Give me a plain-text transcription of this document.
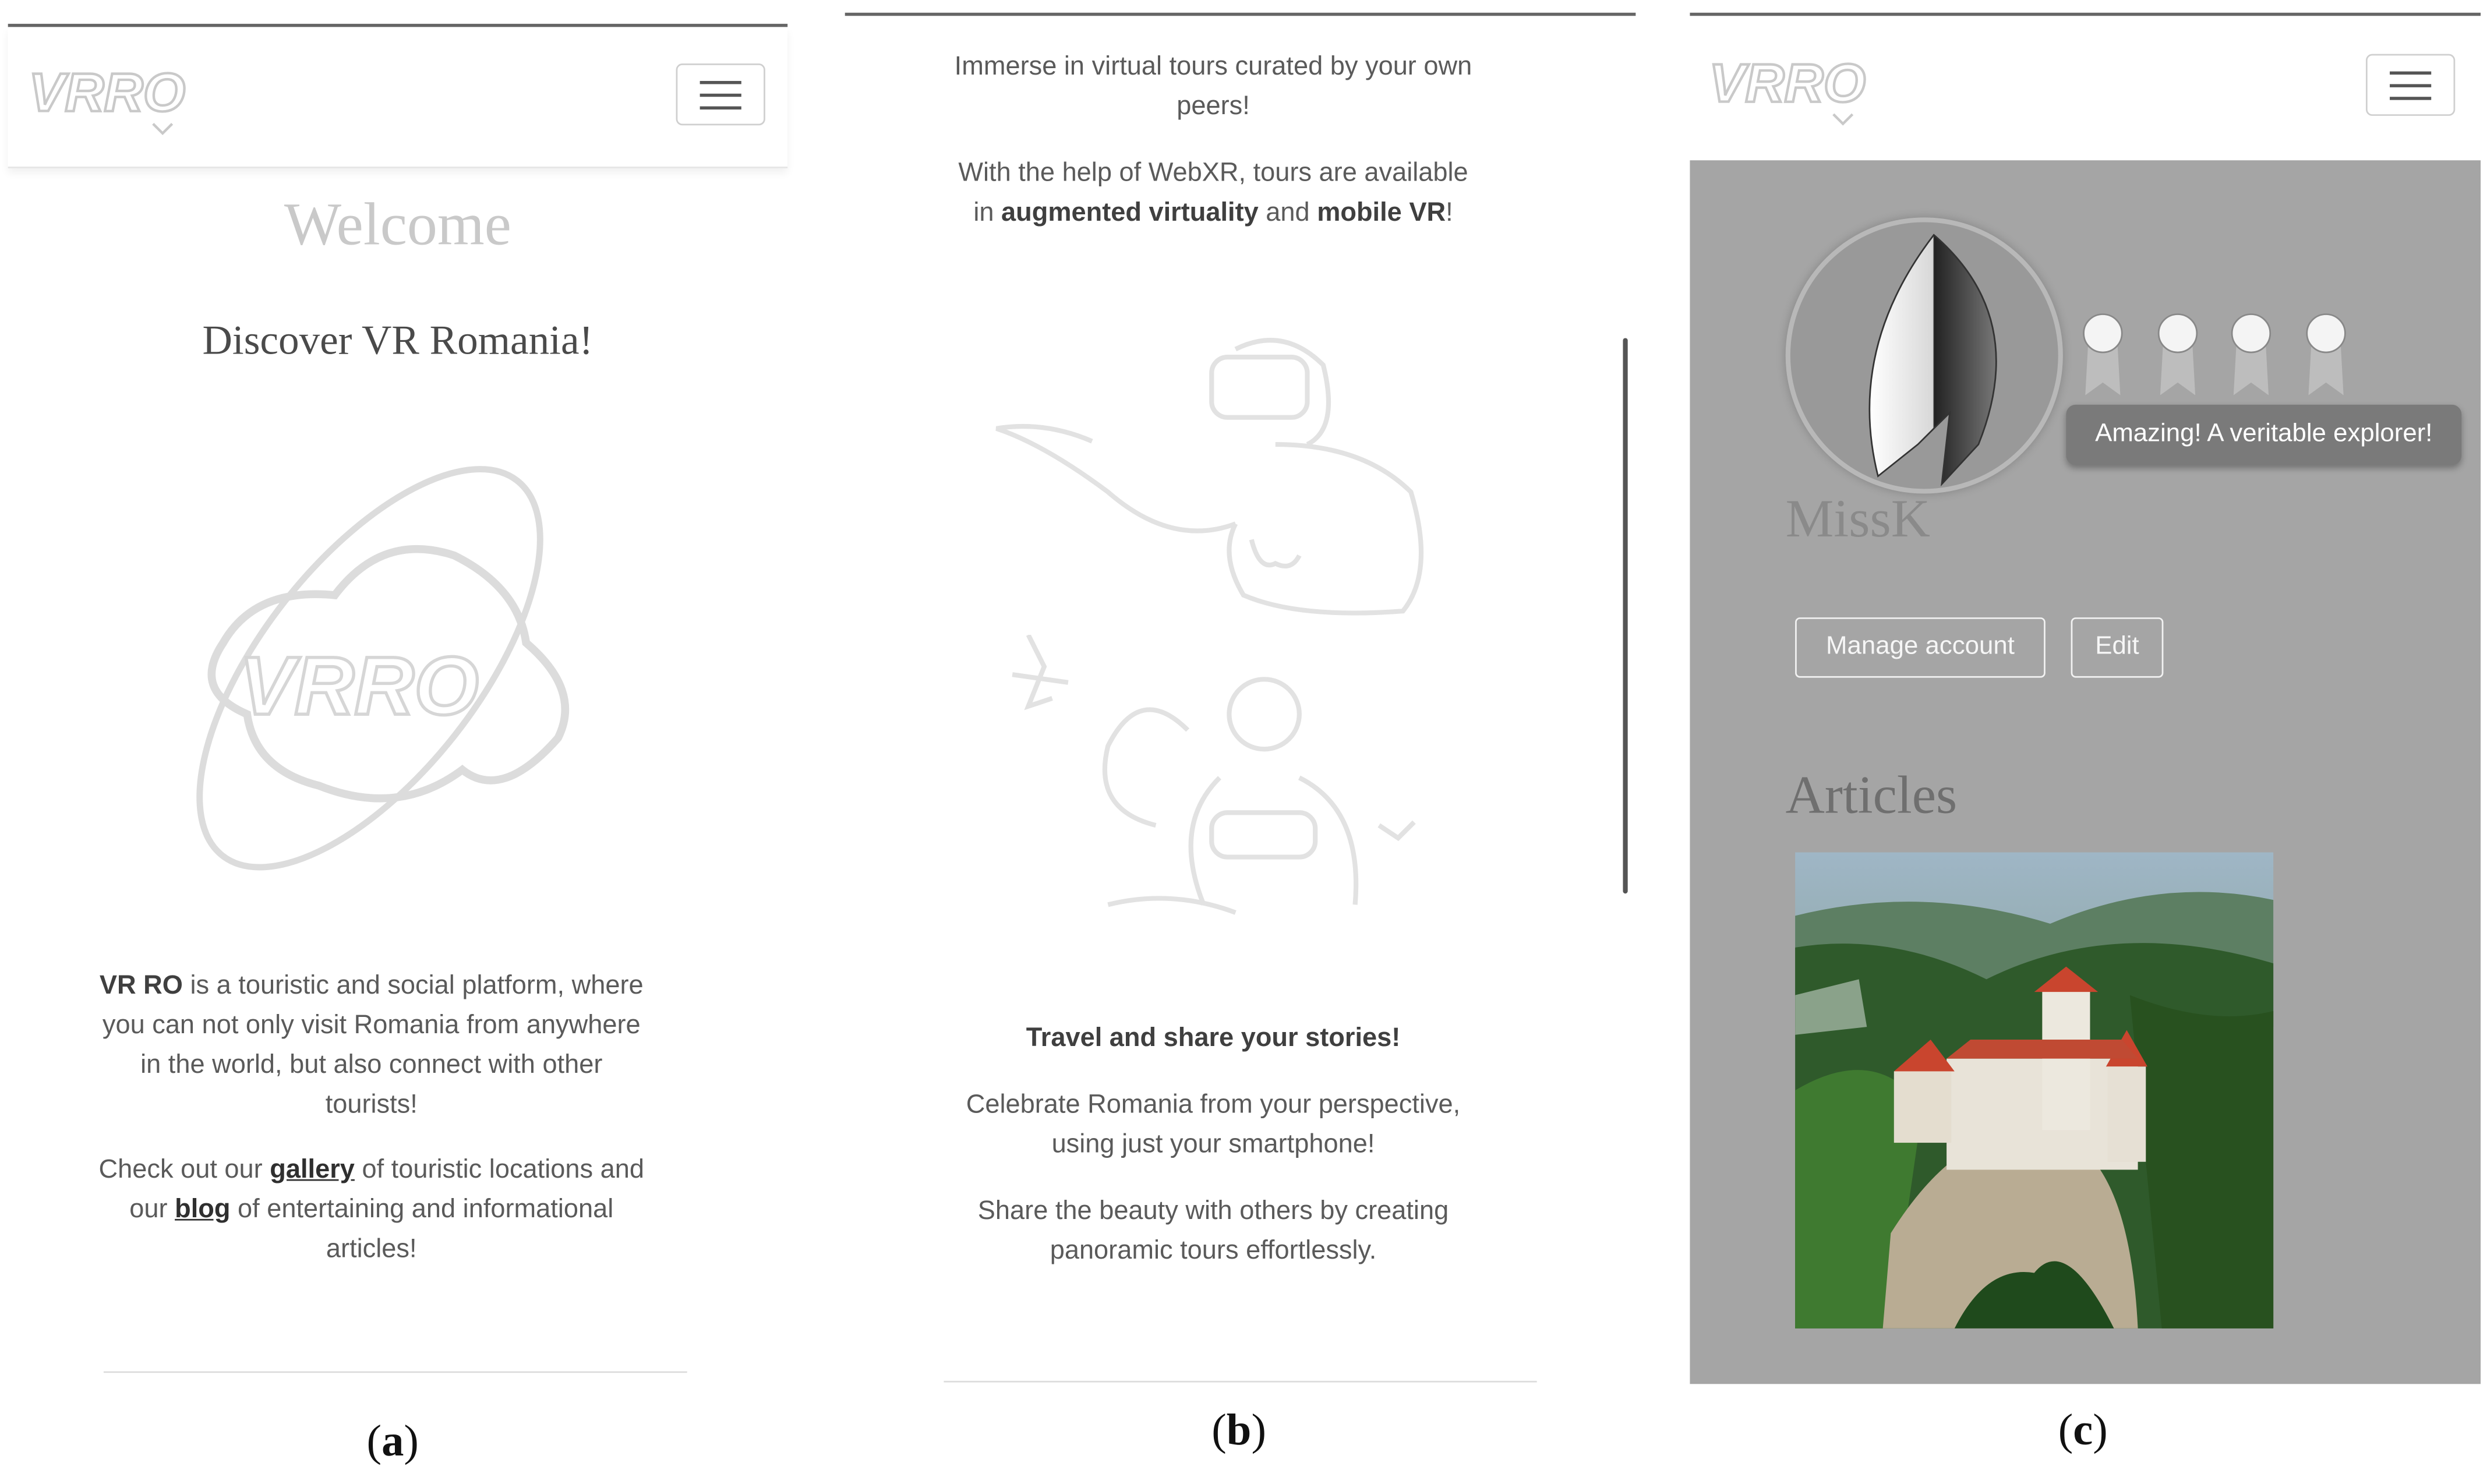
VRRO
Welcome
Discover VR Romania!
VRRO
VR RO is a touristic and social platform, where you can not only visit Romania from anywhere in the world, but also connect with other tourists!
Check out our gallery of touristic locations and our blog of entertaining and informational articles!
(a)
Immerse in virtual tours curated by your own peers!
With the help of WebXR, tours are available in augmented virtuality and mobile VR!
Travel and share your stories!
Celebrate Romania from your perspective, using just your smartphone!
Share the beauty with others by creating panoramic tours effortlessly.
(b)
VRRO
Amazing! A veritable explorer!
MissK
Manage account	Edit
Articles
(c)
